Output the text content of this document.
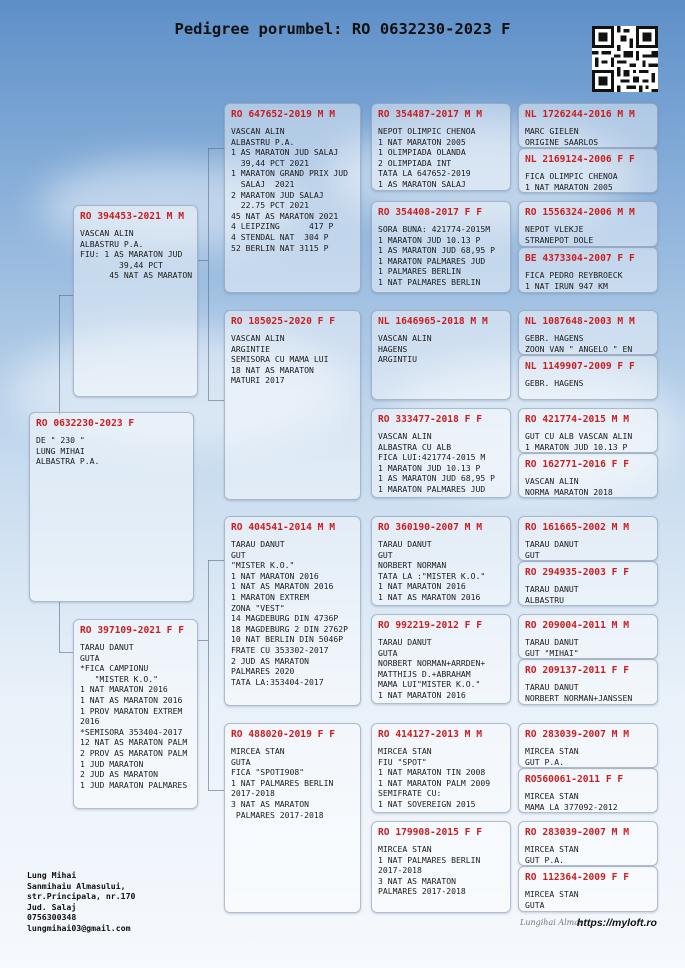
Pedigree porumbel: RO 0632230-2023 F
RO 0632230-2023 F
DE " 230 "
LUNG MIHAI
ALBASTRA P.A.
RO 394453-2021 M M
VASCAN ALIN
ALBASTRU P.A.
FIU: 1 AS MARATON JUD
39,44 PCT
45 NAT AS MARATON
RO 397109-2021 F F
TARAU DANUT
GUTA
*FICA CAMPIONU
"MISTER K.O."
1 NAT MARATON 2016
1 NAT AS MARATON 2016
1 PROV MARATON EXTREM
2016
*SEMISORA 353404-2017
12 NAT AS MARATON PALM
2 PROV AS MARATON PALM
1 JUD MARATON
2 JUD AS MARATON
1 JUD MARATON PALMARES
RO 647652-2019 M M
VASCAN ALIN
ALBASTRU P.A.
1 AS MARATON JUD SALAJ
39,44 PCT 2021
1 MARATON GRAND PRIX JUD
SALAJ  2021
2 MARATON JUD SALAJ
22.75 PCT 2021
45 NAT AS MARATON 2021
4 LEIPZING      417 P
4 STENDAL NAT  304 P
52 BERLIN NAT 3115 P
RO 185025-2020 F F
VASCAN ALIN
ARGINTIE
SEMISORA CU MAMA LUI
18 NAT AS MARATON
MATURI 2017
RO 404541-2014 M M
TARAU DANUT
GUT
"MISTER K.O."
1 NAT MARATON 2016
1 NAT AS MARATON 2016
1 MARATON EXTREM
ZONA "VEST"
14 MAGDEBURG DIN 4736P
18 MAGDEBURG 2 DIN 2762P
10 NAT BERLIN DIN 5046P
FRATE CU 353302-2017
2 JUD AS MARATON
PALMARES 2020
TATA LA:353404-2017
RO 488020-2019 F F
MIRCEA STAN
GUTA
FICA "SPOTI908"
1 NAT PALMARES BERLIN
2017-2018
3 NAT AS MARATON
PALMARES 2017-2018
RO 354487-2017 M M
NEPOT OLIMPIC CHENOA
1 NAT MARATON 2005
1 OLIMPIADA OLANDA
2 OLIMPIADA INT
TATA LA 647652-2019
1 AS MARATON SALAJ
RO 354408-2017 F F
SORA BUNA: 421774-2015M
1 MARATON JUD 10.13 P
1 AS MARATON JUD 68,95 P
1 MARATON PALMARES JUD
1 PALMARES BERLIN
1 NAT PALMARES BERLIN
NL 1646965-2018 M M
VASCAN ALIN
HAGENS
ARGINTIU
RO 333477-2018 F F
VASCAN ALIN
ALBASTRA CU ALB
FICA LUI:421774-2015 M
1 MARATON JUD 10.13 P
1 AS MARATON JUD 68,95 P
1 MARATON PALMARES JUD
RO 360190-2007 M M
TARAU DANUT
GUT
NORBERT NORMAN
TATA LA :"MISTER K.O."
1 NAT MARATON 2016
1 NAT AS MARATON 2016
RO 992219-2012 F F
TARAU DANUT
GUTA
NORBERT NORMAN+ARRDEN+
MATTHIJS D.+ABRAHAM
MAMA LUI"MISTER K.O."
1 NAT MARATON 2016
RO 414127-2013 M M
MIRCEA STAN
FIU "SPOT"
1 NAT MARATON TIN 2008
1 NAT MARATON PALM 2009
SEMIFRATE CU:
1 NAT SOVEREIGN 2015
RO 179908-2015 F F
MIRCEA STAN
1 NAT PALMARES BERLIN
2017-2018
3 NAT AS MARATON
PALMARES 2017-2018
NL 1726244-2016 M M
MARC GIELEN
ORIGINE SAARLOS
NL 2169124-2006 F F
FICA OLIMPIC CHENOA
1 NAT MARATON 2005
RO 1556324-2006 M M
NEPOT VLEKJE
STRANEPOT DOLE
BE 4373304-2007 F F
FICA PEDRO REYBROECK
1 NAT IRUN 947 KM
NL 1087648-2003 M M
GEBR. HAGENS
ZOON VAN " ANGELO " EN
NL 1149907-2009 F F
GEBR. HAGENS
RO 421774-2015 M M
GUT CU ALB VASCAN ALIN
1 MARATON JUD 10.13 P
RO 162771-2016 F F
VASCAN ALIN
NORMA MARATON 2018
RO 161665-2002 M M
TARAU DANUT
GUT
RO 294935-2003 F F
TARAU DANUT
ALBASTRU
RO 209004-2011 M M
TARAU DANUT
GUT "MIHAI"
RO 209137-2011 F F
TARAU DANUT
NORBERT NORMAN+JANSSEN
RO 283039-2007 M M
MIRCEA STAN
GUT P.A.
RO560061-2011 F F
MIRCEA STAN
MAMA LA 377092-2012
RO 283039-2007 M M
MIRCEA STAN
GUT P.A.
RO 112364-2009 F F
MIRCEA STAN
GUTA
Lung Mihai
Sanmihaiu Almasului,
str.Principala, nr.170
Jud. Salaj
0756300348
lungmihai03@gmail.com
Lungihai Almas
https://myloft.ro
